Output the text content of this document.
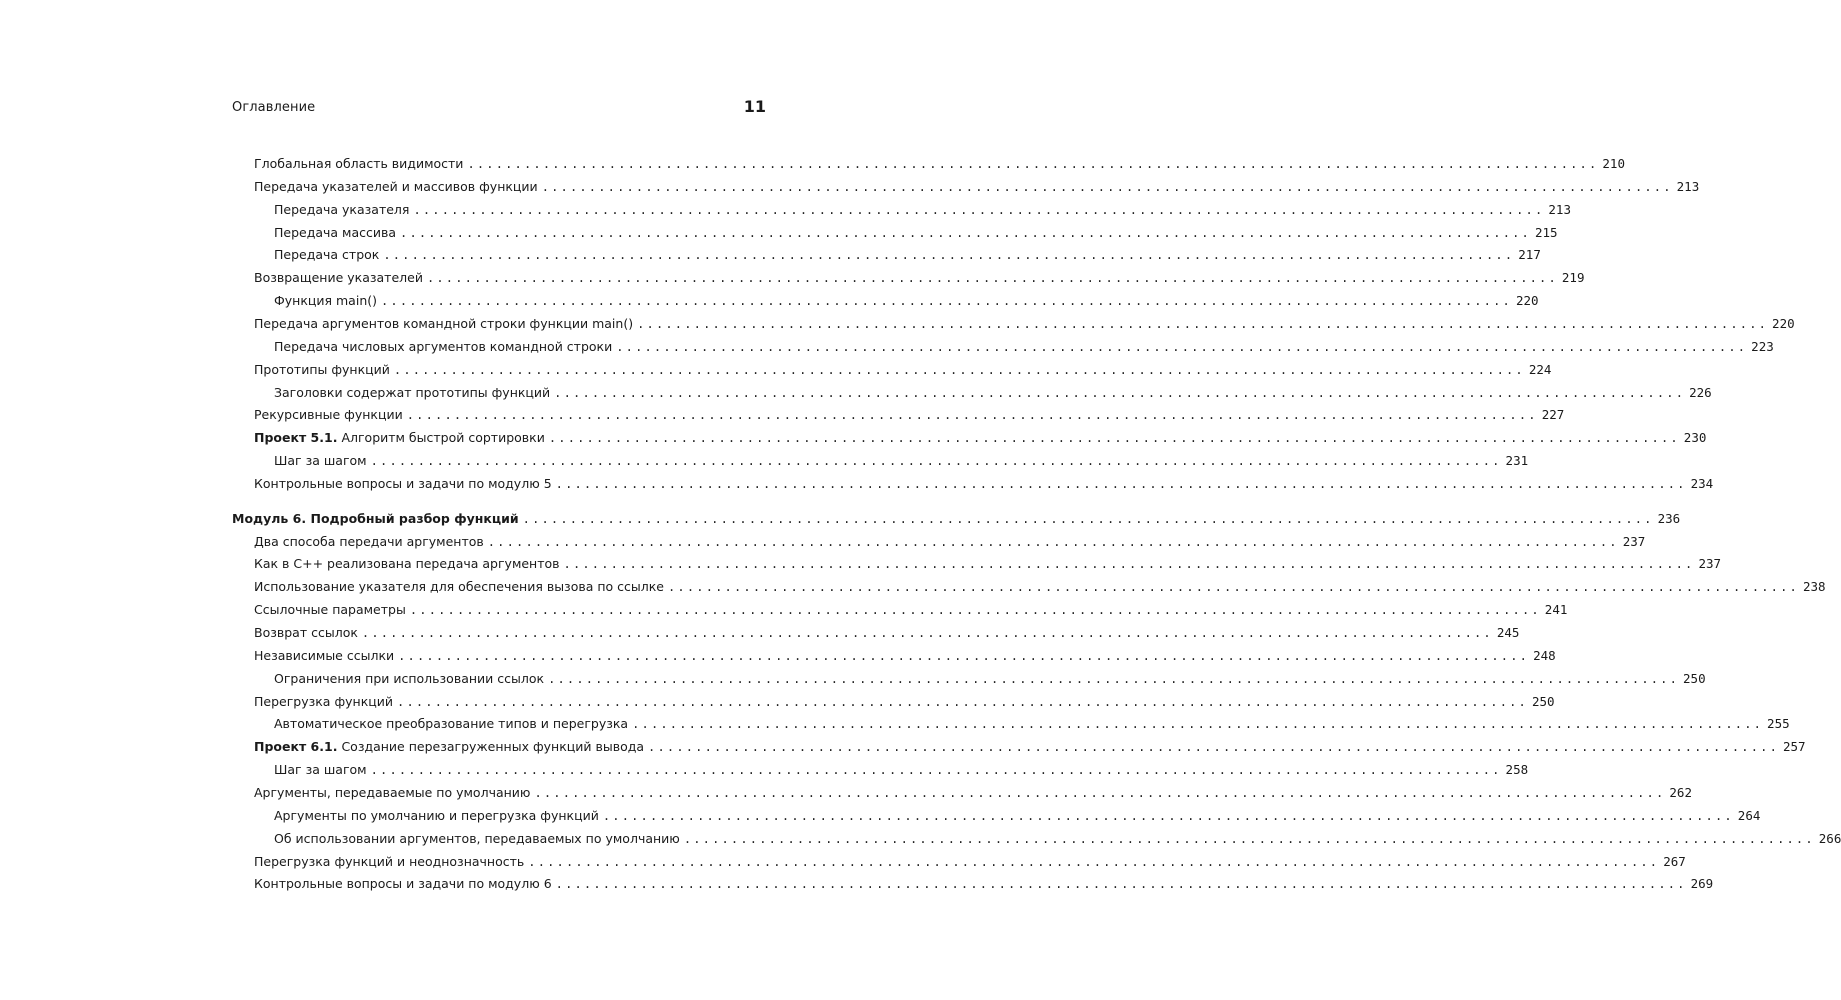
Оглавление	11
Глобальная область видимости ........................................................................................................................ 210
Передача указателей и массивов функции ........................................................................................................................ 213
Передача указателя ........................................................................................................................ 213
Передача массива ........................................................................................................................ 215
Передача строк ........................................................................................................................ 217
Возвращение указателей ........................................................................................................................ 219
Функция main() ........................................................................................................................ 220
Передача аргументов командной строки функции main() ........................................................................................................................ 220
Передача числовых аргументов командной строки ........................................................................................................................ 223
Прототипы функций ........................................................................................................................ 224
Заголовки содержат прототипы функций ........................................................................................................................ 226
Рекурсивные функции ........................................................................................................................ 227
Проект 5.1. Алгоритм быстрой сортировки ........................................................................................................................ 230
Шаг за шагом ........................................................................................................................ 231
Контрольные вопросы и задачи по модулю 5 ........................................................................................................................ 234
Модуль 6. Подробный разбор функций ........................................................................................................................ 236
Два способа передачи аргументов ........................................................................................................................ 237
Как в С++ реализована передача аргументов ........................................................................................................................ 237
Использование указателя для обеспечения вызова по ссылке ........................................................................................................................ 238
Ссылочные параметры ........................................................................................................................ 241
Возврат ссылок ........................................................................................................................ 245
Независимые ссылки ........................................................................................................................ 248
Ограничения при использовании ссылок ........................................................................................................................ 250
Перегрузка функций ........................................................................................................................ 250
Автоматическое преобразование типов и перегрузка ........................................................................................................................ 255
Проект 6.1. Создание перезагруженных функций вывода ........................................................................................................................ 257
Шаг за шагом ........................................................................................................................ 258
Аргументы, передаваемые по умолчанию ........................................................................................................................ 262
Аргументы по умолчанию и перегрузка функций ........................................................................................................................ 264
Об использовании аргументов, передаваемых по умолчанию ........................................................................................................................ 266
Перегрузка функций и неоднозначность ........................................................................................................................ 267
Контрольные вопросы и задачи по модулю 6 ........................................................................................................................ 269
